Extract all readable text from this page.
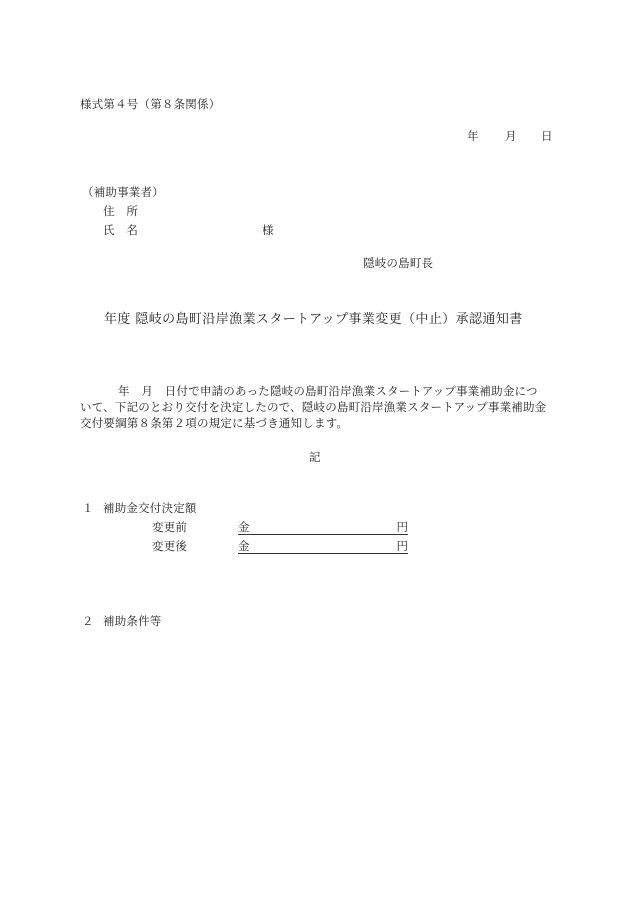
様式第４号（第８条関係）
年 月 日
（補助事業者）
住　所
氏　名	様
隠岐の島町長
年度 隠岐の島町沿岸漁業スタートアップ事業変更（中止）承認通知書
年　月　日付で申請のあった隠岐の島町沿岸漁業スタートアップ事業補助金につ
いて、下記のとおり交付を決定したので、隠岐の島町沿岸漁業スタートアップ事業補助金
交付要綱第８条第２項の規定に基づき通知します。
記
１ 補助金交付決定額
変更前	金	円
変更後	金	円
２ 補助条件等
